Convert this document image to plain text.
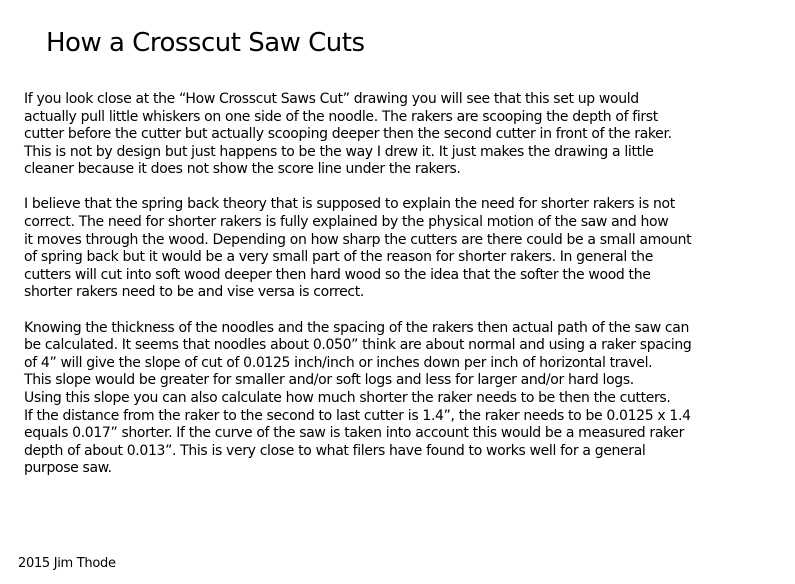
How a Crosscut Saw Cuts

If you look close at the “How Crosscut Saws Cut” drawing you will see that this set up would
actually pull little whiskers on one side of the noodle. The rakers are scooping the depth of first
cutter before the cutter but actually scooping deeper then the second cutter in front of the raker.
This is not by design but just happens to be the way I drew it. It just makes the drawing a little
cleaner because it does not show the score line under the rakers.

I believe that the spring back theory that is supposed to explain the need for shorter rakers is not
correct. The need for shorter rakers is fully explained by the physical motion of the saw and how
it moves through the wood. Depending on how sharp the cutters are there could be a small amount
of spring back but it would be a very small part of the reason for shorter rakers. In general the
cutters will cut into soft wood deeper then hard wood so the idea that the softer the wood the
shorter rakers need to be and vise versa is correct.

Knowing the thickness of the noodles and the spacing of the rakers then actual path of the saw can
be calculated. It seems that noodles about 0.050” think are about normal and using a raker spacing
of 4” will give the slope of cut of 0.0125 inch/inch or inches down per inch of horizontal travel.
This slope would be greater for smaller and/or soft logs and less for larger and/or hard logs.
Using this slope you can also calculate how much shorter the raker needs to be then the cutters.
If the distance from the raker to the second to last cutter is 1.4”, the raker needs to be 0.0125 x 1.4
equals 0.017” shorter. If the curve of the saw is taken into account this would be a measured raker
depth of about 0.013”. This is very close to what filers have found to works well for a general
purpose saw.

2015 Jim Thode
